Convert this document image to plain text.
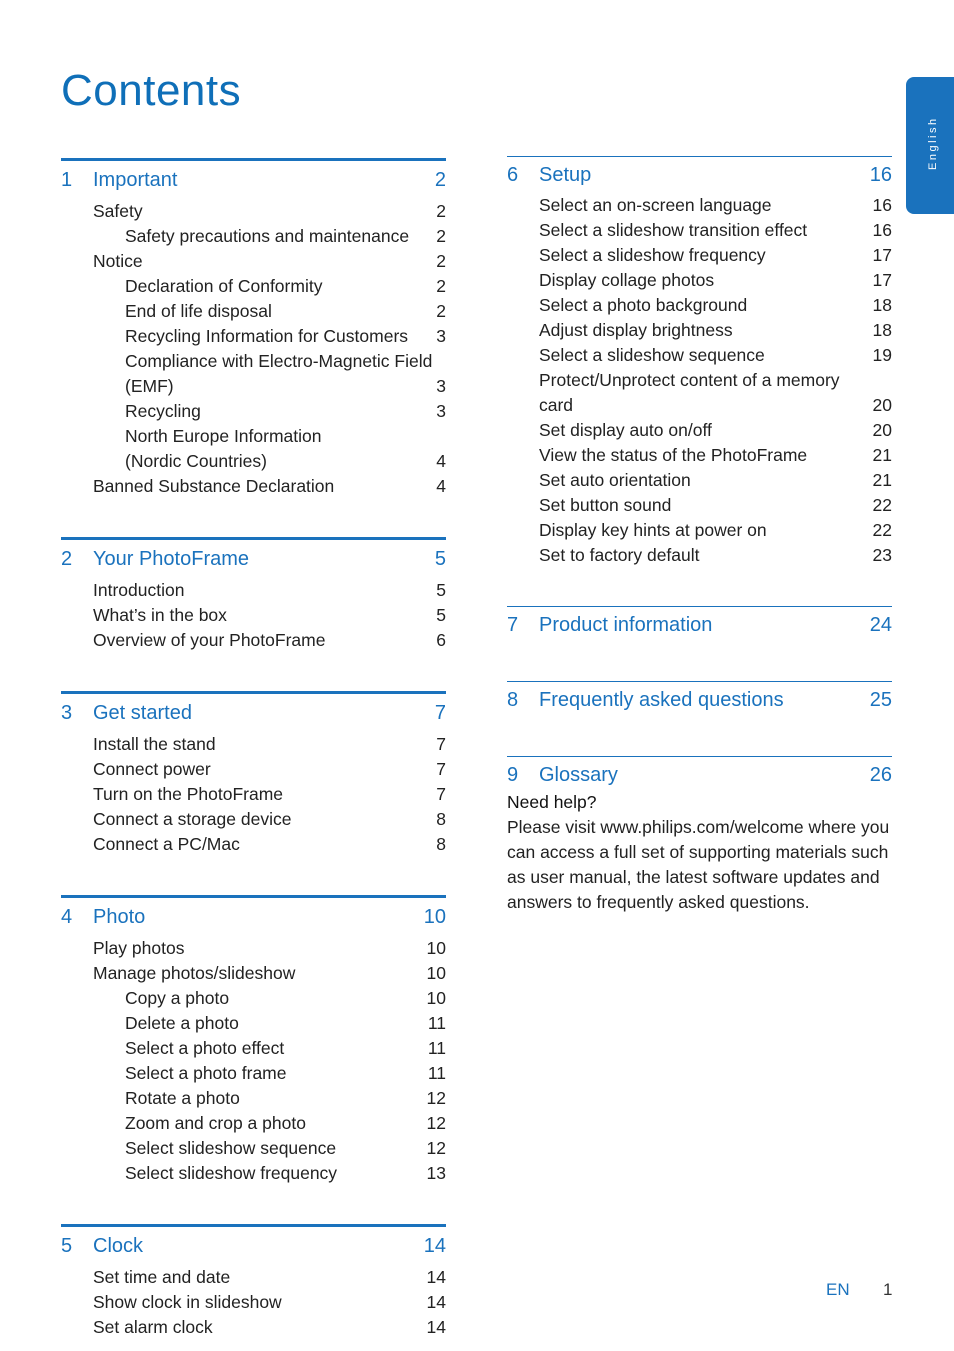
Contents
English
1	Important	2
Safety	2
Safety precautions and maintenance	2
Notice	2
Declaration of Conformity	2
End of life disposal	2
Recycling Information for Customers	3
Compliance with Electro-Magnetic Field
(EMF)	3
Recycling	3
North Europe Information
(Nordic Countries)	4
Banned Substance Declaration	4
2	Your PhotoFrame	5
Introduction	5
What’s in the box	5
Overview of your PhotoFrame	6
3	Get started	7
Install the stand	7
Connect power	7
Turn on the PhotoFrame	7
Connect a storage device	8
Connect a PC/Mac	8
4	Photo	10
Play photos	10
Manage photos/slideshow	10
Copy a photo	10
Delete a photo	11
Select a photo effect	11
Select a photo frame	11
Rotate a photo	12
Zoom and crop a photo	12
Select slideshow sequence	12
Select slideshow frequency	13
5	Clock	14
Set time and date	14
Show clock in slideshow	14
Set alarm clock	14
6	Setup	16
Select an on-screen language	16
Select a slideshow transition effect	16
Select a slideshow frequency	17
Display collage photos	17
Select a photo background	18
Adjust display brightness	18
Select a slideshow sequence	19
Protect/Unprotect content of a memory
card	20
Set display auto on/off	20
View the status of the PhotoFrame	21
Set auto orientation	21
Set button sound	22
Display key hints at power on	22
Set to factory default	23
7	Product information	24
8	Frequently asked questions	25
9	Glossary	26
Need help?
Please visit www.philips.com/welcome where you can access a full set of supporting materials such as user manual, the latest software updates and answers to frequently asked questions.
EN 1
